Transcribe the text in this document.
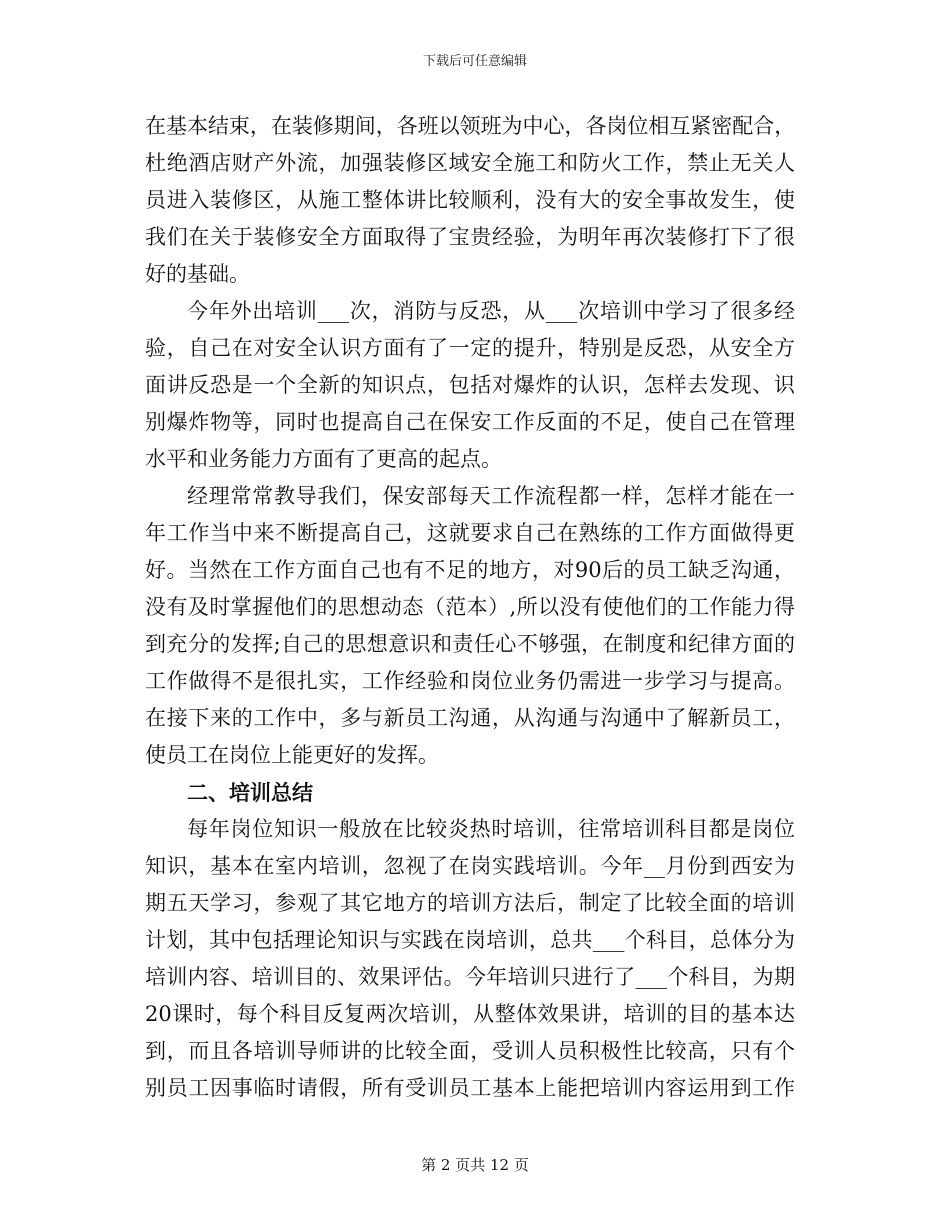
下载后可任意编辑
在基本结束，在装修期间，各班以领班为中心，各岗位相互紧密配合，
杜绝酒店财产外流，加强装修区域安全施工和防火工作，禁止无关人
员进入装修区，从施工整体讲比较顺利，没有大的安全事故发生，使
我们在关于装修安全方面取得了宝贵经验，为明年再次装修打下了很
好的基础。
今年外出培训___次，消防与反恐，从___次培训中学习了很多经
验，自己在对安全认识方面有了一定的提升，特别是反恐，从安全方
面讲反恐是一个全新的知识点，包括对爆炸的认识，怎样去发现、识
别爆炸物等，同时也提高自己在保安工作反面的不足，使自己在管理
水平和业务能力方面有了更高的起点。
经理常常教导我们，保安部每天工作流程都一样，怎样才能在一
年工作当中来不断提高自己，这就要求自己在熟练的工作方面做得更
好。当然在工作方面自己也有不足的地方，对90后的员工缺乏沟通，
没有及时掌握他们的思想动态（范本）,所以没有使他们的工作能力得
到充分的发挥;自己的思想意识和责任心不够强，在制度和纪律方面的
工作做得不是很扎实，工作经验和岗位业务仍需进一步学习与提高。
在接下来的工作中，多与新员工沟通，从沟通与沟通中了解新员工，
使员工在岗位上能更好的发挥。
二、培训总结
每年岗位知识一般放在比较炎热时培训，往常培训科目都是岗位
知识，基本在室内培训，忽视了在岗实践培训。今年__月份到西安为
期五天学习，参观了其它地方的培训方法后，制定了比较全面的培训
计划，其中包括理论知识与实践在岗培训，总共___个科目，总体分为
培训内容、培训目的、效果评估。今年培训只进行了___个科目，为期
20课时，每个科目反复两次培训，从整体效果讲，培训的目的基本达
到，而且各培训导师讲的比较全面，受训人员积极性比较高，只有个
别员工因事临时请假，所有受训员工基本上能把培训内容运用到工作
第 2 页共 12 页
